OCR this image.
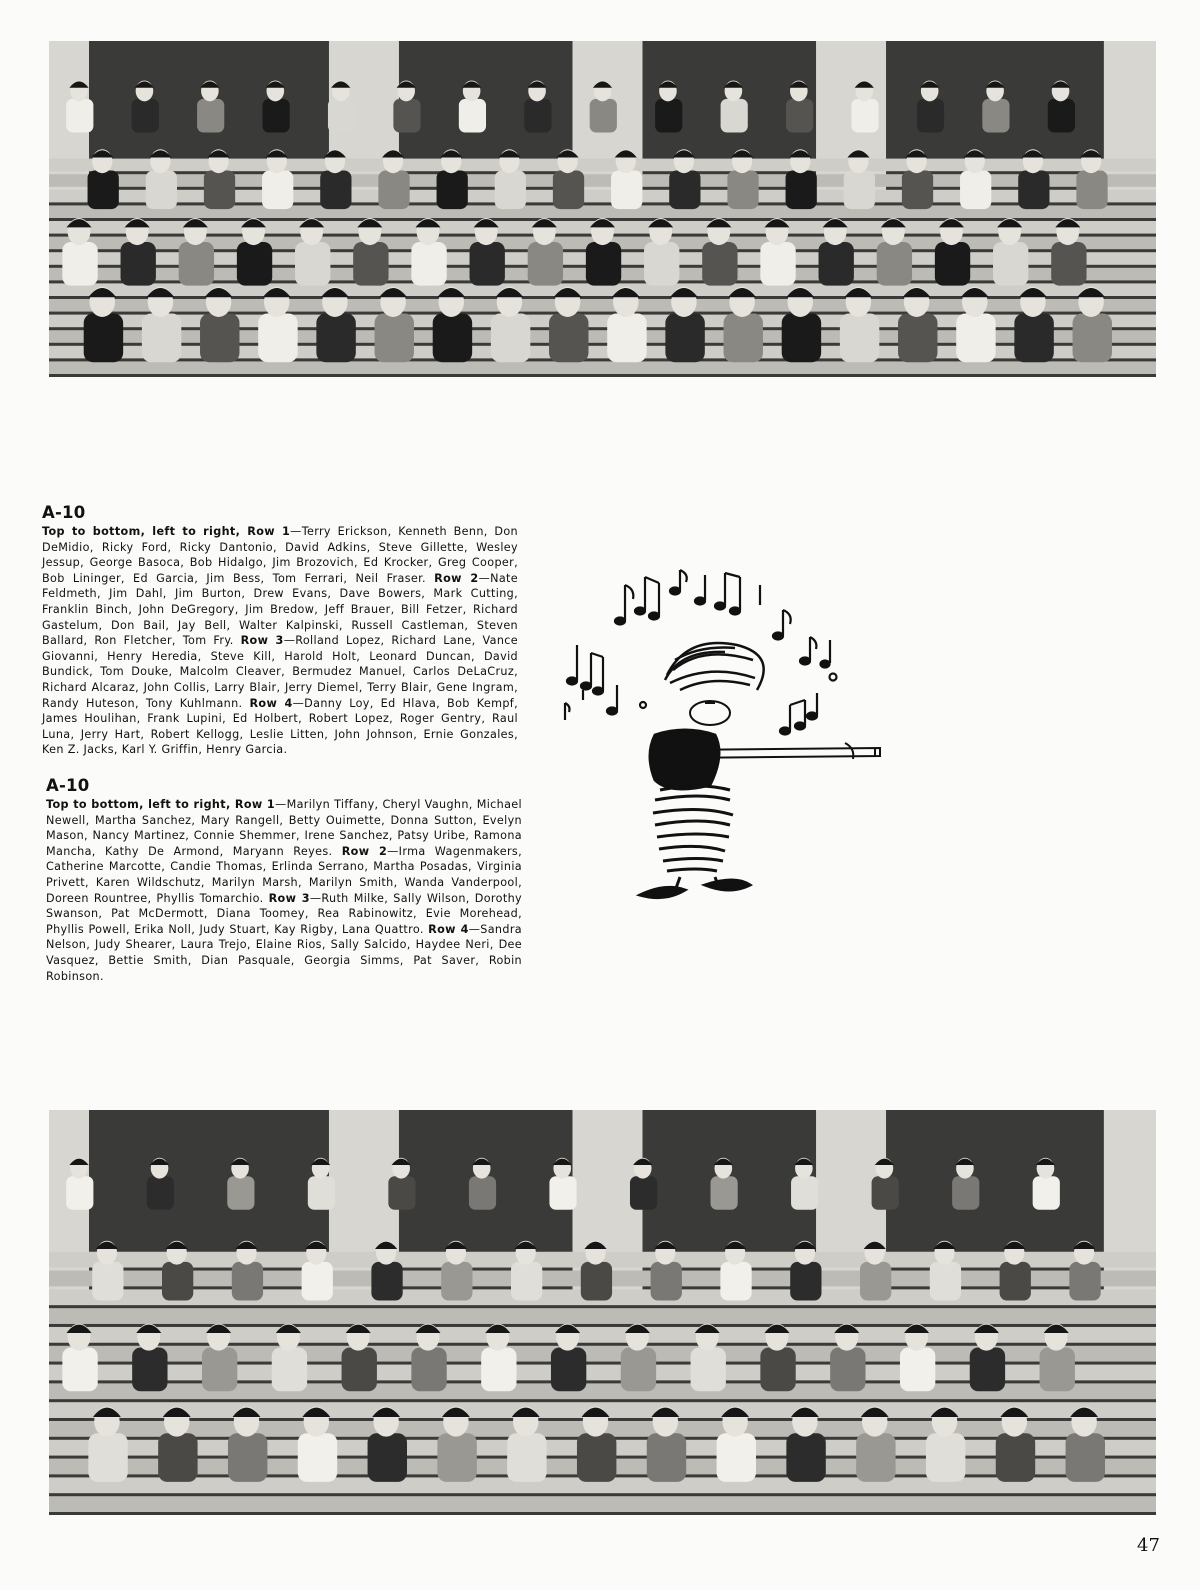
A-10

Top to bottom, left to right, Row 1—Terry Erickson, Kenneth Benn, Don DeMidio, Ricky Ford, Ricky Dantonio, David Adkins, Steve Gillette, Wesley Jessup, George Basoca, Bob Hidalgo, Jim Brozovich, Ed Krocker, Greg Cooper, Bob Lininger, Ed Garcia, Jim Bess, Tom Ferrari, Neil Fraser. Row 2—Nate Feldmeth, Jim Dahl, Jim Burton, Drew Evans, Dave Bowers, Mark Cutting, Franklin Binch, John DeGregory, Jim Bredow, Jeff Brauer, Bill Fetzer, Richard Gastelum, Don Bail, Jay Bell, Walter Kalpinski, Russell Castleman, Steven Ballard, Ron Fletcher, Tom Fry. Row 3—Rolland Lopez, Richard Lane, Vance Giovanni, Henry Heredia, Steve Kill, Harold Holt, Leonard Duncan, David Bundick, Tom Douke, Malcolm Cleaver, Bermudez Manuel, Carlos DeLaCruz, Richard Alcaraz, John Collis, Larry Blair, Jerry Diemel, Terry Blair, Gene Ingram, Randy Huteson, Tony Kuhlmann. Row 4—Danny Loy, Ed Hlava, Bob Kempf, James Houlihan, Frank Lupini, Ed Holbert, Robert Lopez, Roger Gentry, Raul Luna, Jerry Hart, Robert Kellogg, Leslie Litten, John Johnson, Ernie Gonzales, Ken Z. Jacks, Karl Y. Griffin, Henry Garcia.

A-10

Top to bottom, left to right, Row 1—Marilyn Tiffany, Cheryl Vaughn, Michael Newell, Martha Sanchez, Mary Rangell, Betty Ouimette, Donna Sutton, Evelyn Mason, Nancy Martinez, Connie Shemmer, Irene Sanchez, Patsy Uribe, Ramona Mancha, Kathy De Armond, Maryann Reyes. Row 2—Irma Wagenmakers, Catherine Marcotte, Candie Thomas, Erlinda Serrano, Martha Posadas, Virginia Privett, Karen Wildschutz, Marilyn Marsh, Marilyn Smith, Wanda Vanderpool, Doreen Rountree, Phyllis Tomarchio. Row 3—Ruth Milke, Sally Wilson, Dorothy Swanson, Pat McDermott, Diana Toomey, Rea Rabinowitz, Evie Morehead, Phyllis Powell, Erika Noll, Judy Stuart, Kay Rigby, Lana Quattro. Row 4—Sandra Nelson, Judy Shearer, Laura Trejo, Elaine Rios, Sally Salcido, Haydee Neri, Dee Vasquez, Bettie Smith, Dian Pasquale, Georgia Simms, Pat Saver, Robin Robinson.

47
